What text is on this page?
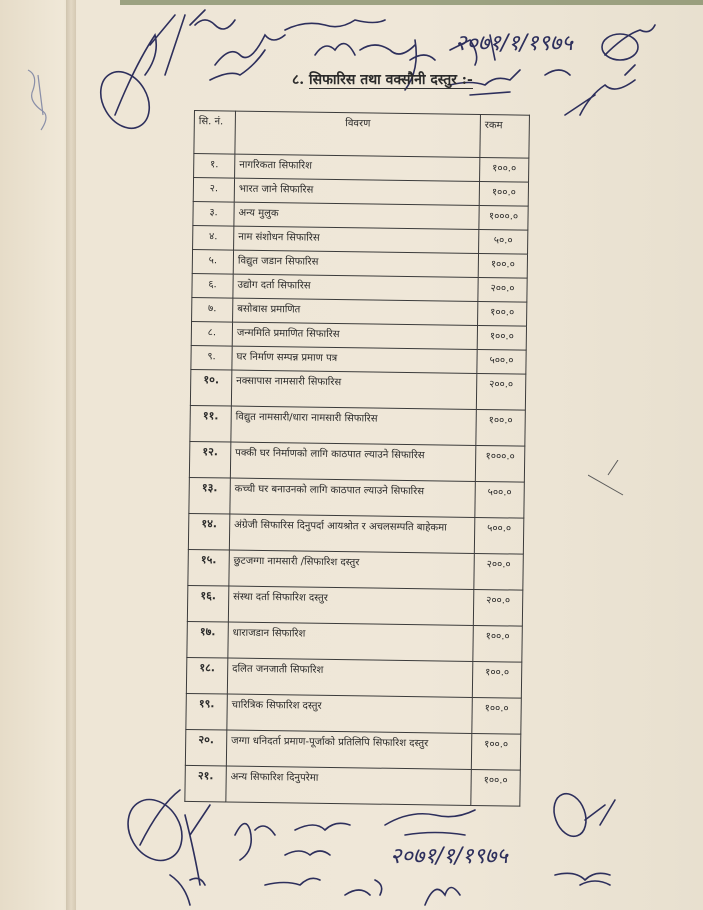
२०७१/१/१९७५
२०७१/१/१९७५
८. सिफारिस तथा वक्सौनी दस्तुर :-
सि. नं.	विवरण	रकम
१.	नागरिकता सिफारिश	१००.०
२.	भारत जाने सिफारिस	१००.०
३.	अन्य मुलुक	१०००.०
४.	नाम संशोधन सिफारिस	५०.०
५.	विद्युत जडान सिफारिस	१००.०
६.	उद्योग दर्ता सिफारिस	२००.०
७.	बसोबास प्रमाणित	१००.०
८.	जन्ममिति प्रमाणित सिफारिस	१००.०
९.	घर निर्माण सम्पन्न प्रमाण पत्र	५००.०
१०.	नक्सापास नामसारी सिफारिस	२००.०
११.	विद्युत नामसारी/धारा नामसारी सिफारिस	१००.०
१२.	पक्की घर निर्माणको लागि काठपात ल्याउने सिफारिस	१०००.०
१३.	कच्ची घर बनाउनको लागि काठपात ल्याउने सिफारिस	५००.०
१४.	अंग्रेजी सिफारिस दिनुपर्दा आयश्रोत र अचलसम्पति बाहेकमा	५००.०
१५.	छुटजग्गा नामसारी /सिफारिश दस्तुर	२००.०
१६.	संस्था दर्ता सिफारिश दस्तुर	२००.०
१७.	धाराजडान सिफारिश	१००.०
१८.	दलित जनजाती सिफारिश	१००.०
१९.	चारित्रिक सिफारिश दस्तुर	१००.०
२०.	जग्गा धनिदर्ता प्रमाण-पूर्जाको प्रतिलिपि सिफारिश दस्तुर	१००.०
२१.	अन्य सिफारिश दिनुपरेमा	१००.०
